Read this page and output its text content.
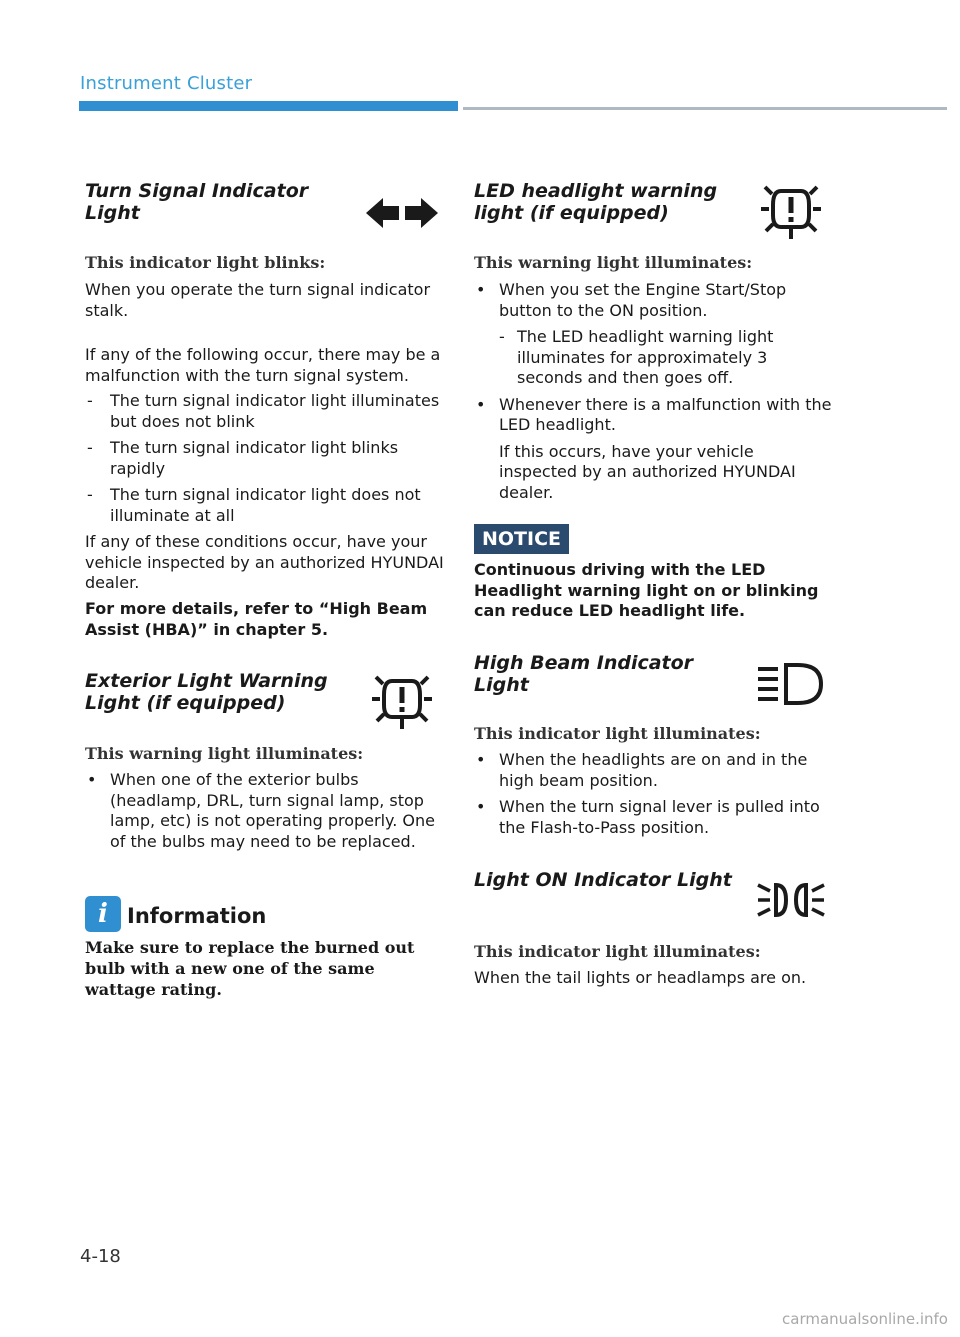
Instrument Cluster
Turn Signal Indicator Light
This indicator light blinks:
When you operate the turn signal indicator stalk.
If any of the following occur, there may be a malfunction with the turn signal system.
- The turn signal indicator light illuminates but does not blink
- The turn signal indicator light blinks rapidly
- The turn signal indicator light does not illuminate at all
If any of these conditions occur, have your vehicle inspected by an authorized HYUNDAI dealer.
For more details, refer to “High Beam Assist (HBA)” in chapter 5.
Exterior Light Warning Light (if equipped)
This warning light illuminates:
• When one of the exterior bulbs (headlamp, DRL, turn signal lamp, stop lamp, etc) is not operating properly. One of the bulbs may need to be replaced.
i Information
Make sure to replace the burned out bulb with a new one of the same wattage rating.
LED headlight warning light (if equipped)
This warning light illuminates:
• When you set the Engine Start/Stop button to the ON position.
- The LED headlight warning light illuminates for approximately 3 seconds and then goes off.
• Whenever there is a malfunction with the LED headlight.
If this occurs, have your vehicle inspected by an authorized HYUNDAI dealer.
NOTICE
Continuous driving with the LED Headlight warning light on or blinking can reduce LED headlight life.
High Beam Indicator Light
This indicator light illuminates:
• When the headlights are on and in the high beam position.
• When the turn signal lever is pulled into the Flash-to-Pass position.
Light ON Indicator Light
This indicator light illuminates:
When the tail lights or headlamps are on.
4-18
carmanualsonline.info
